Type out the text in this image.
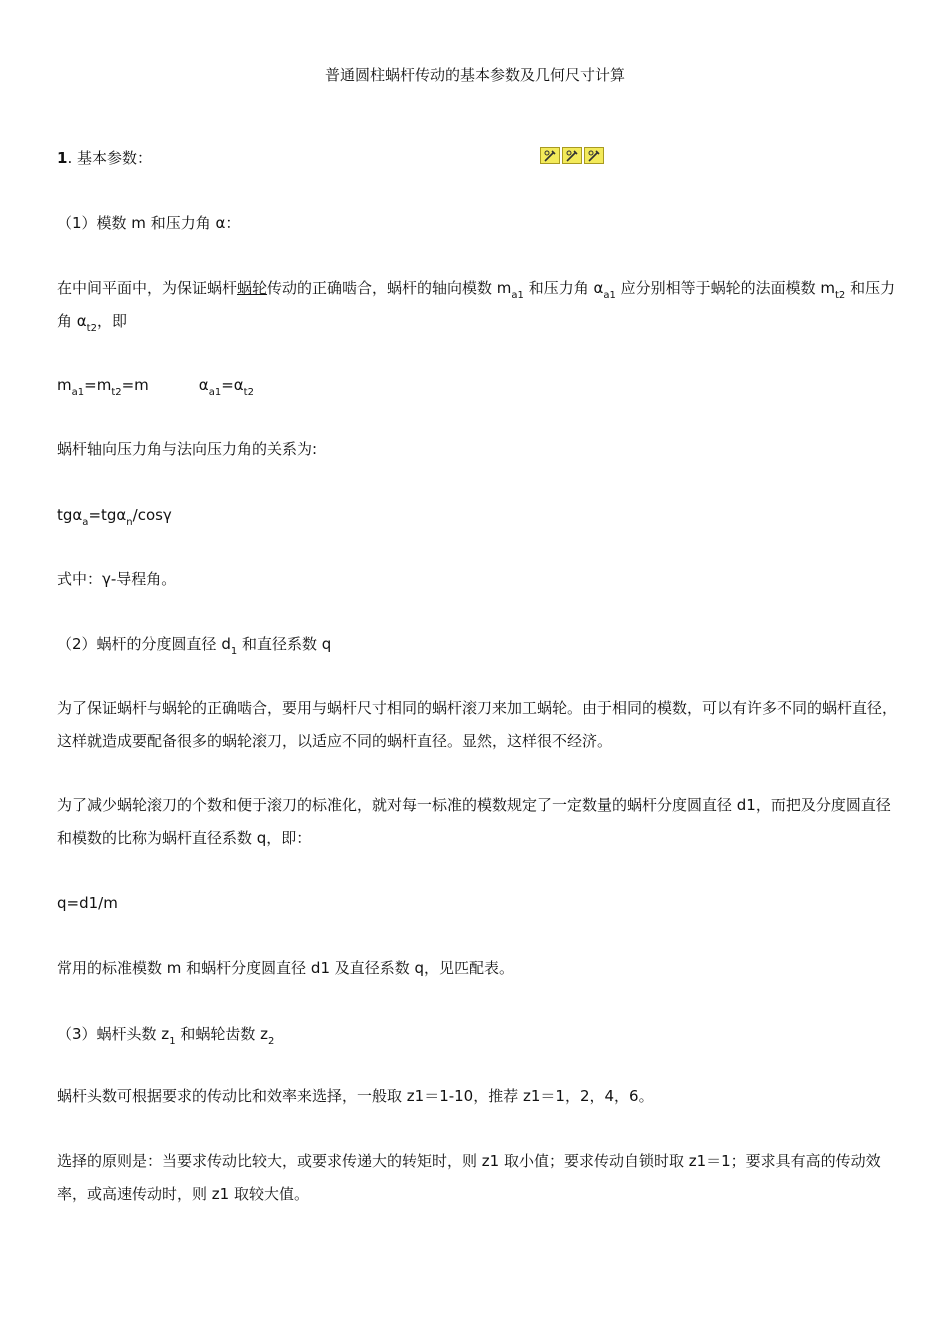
普通圆柱蜗杆传动的基本参数及几何尺寸计算
1. 基本参数：
（1）模数 m 和压力角 α：
在中间平面中，为保证蜗杆蜗轮传动的正确啮合，蜗杆的轴向模数 $m_{a1}$ 和压力角 $\alpha_{a1}$ 应分别相等于蜗轮的法面模数 $m_{t2}$ 和压力角 $\alpha_{t2}$，即
$m_{a1}=m_{t2}=m$	$\alpha_{a1}=\alpha_{t2}$
蜗杆轴向压力角与法向压力角的关系为:
tgα$_a$=tgα$_n$/cosγ
式中：γ-导程角。
（2）蜗杆的分度圆直径 $d_1$ 和直径系数 q
为了保证蜗杆与蜗轮的正确啮合，要用与蜗杆尺寸相同的蜗杆滚刀来加工蜗轮。由于相同的模数，可以有许多不同的蜗杆直径，这样就造成要配备很多的蜗轮滚刀，以适应不同的蜗杆直径。显然，这样很不经济。
为了减少蜗轮滚刀的个数和便于滚刀的标准化，就对每一标准的模数规定了一定数量的蜗杆分度圆直径 d1，而把及分度圆直径和模数的比称为蜗杆直径系数 q，即：
q=d1/m
常用的标准模数 m 和蜗杆分度圆直径 d1 及直径系数 q，见匹配表。
（3）蜗杆头数 $z_1$ 和蜗轮齿数 $z_2$
蜗杆头数可根据要求的传动比和效率来选择，一般取 z1＝1-10，推荐 z1＝1，2，4，6。
选择的原则是：当要求传动比较大，或要求传递大的转矩时，则 z1 取小值；要求传动自锁时取 z1＝1；要求具有高的传动效率，或高速传动时，则 z1 取较大值。
